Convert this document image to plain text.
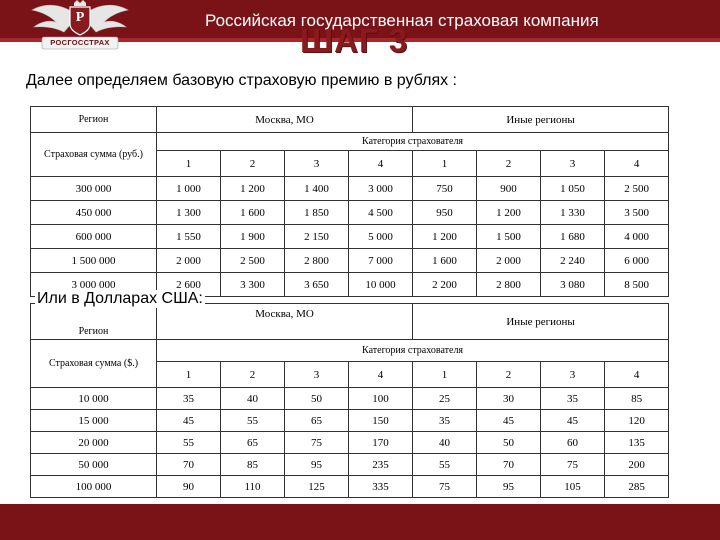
Р
РОСГОССТРАХ
Российская государственная страховая компания
ШАГ 3
Далее определяем базовую страховую премию в рублях :
Регион	Москва, МО				Иные регионы			
Страховая сумма (руб.)	Категория страхователя							
	1	2	3	4	1	2	3	4
300 000	1 000	1 200	1 400	3 000	750	900	1 050	2 500
450 000	1 300	1 600	1 850	4 500	950	1 200	1 330	3 500
600 000	1 550	1 900	2 150	5 000	1 200	1 500	1 680	4 000
1 500 000	2 000	2 500	2 800	7 000	1 600	2 000	2 240	6 000
3 000 000	2 600	3 300	3 650	10 000	2 200	2 800	3 080	8 500
Регион	Москва, МО				Иные регионы			
Страховая сумма ($.)	Категория страхователя							
	1	2	3	4	1	2	3	4
10 000	35	40	50	100	25	30	35	85
15 000	45	55	65	150	35	45	45	120
20 000	55	65	75	170	40	50	60	135
50 000	70	85	95	235	55	70	75	200
100 000	90	110	125	335	75	95	105	285
Или в Долларах США:
